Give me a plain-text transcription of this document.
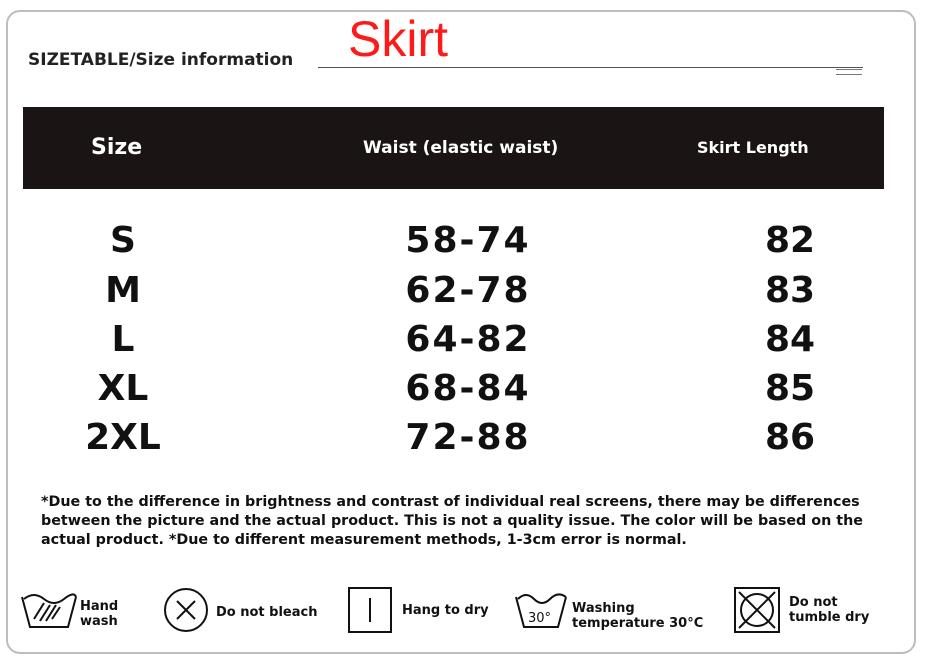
SIZETABLE/Size information Skirt
Size	Waist (elastic waist)	Skirt Length
S	58-74	82
M	62-78	83
L	64-82	84
XL	68-84	85
2XL	72-88	86
*Due to the difference in brightness and contrast of individual real screens, there may be differences between the picture and the actual product. This is not a quality issue. The color will be based on the actual product. *Due to different measurement methods, 1-3cm error is normal.
Hand
wash
Do not bleach	Hang to dry
30°
Washing
temperature 30°C
Do not
tumble dry
